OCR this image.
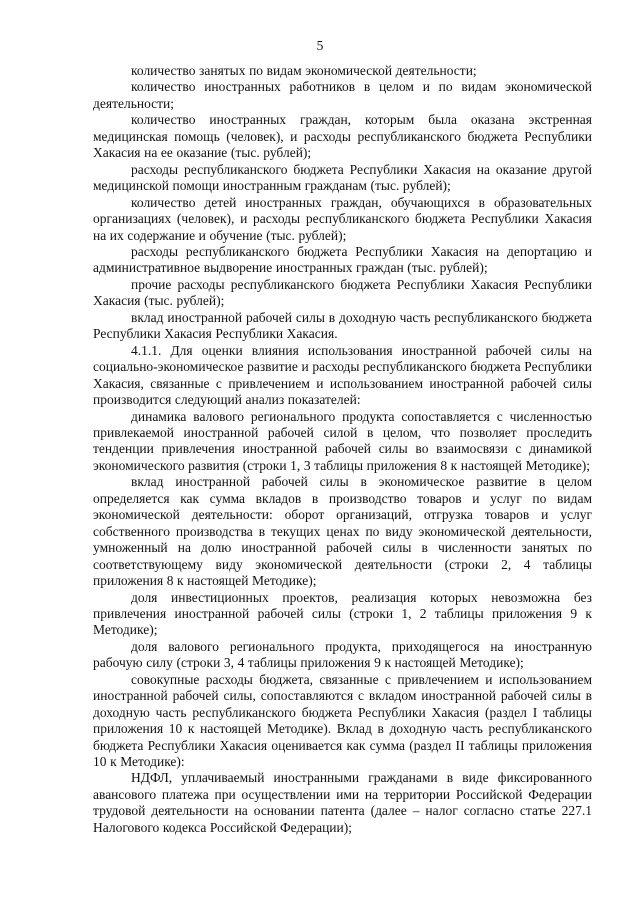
5

количество занятых по видам экономической деятельности;

количество иностранных работников в целом и по видам экономической деятельности;

количество иностранных граждан, которым была оказана экстренная медицинская помощь (человек), и расходы республиканского бюджета Республики Хакасия на ее оказание (тыс. рублей);

расходы республиканского бюджета Республики Хакасия на оказание другой медицинской помощи иностранным гражданам (тыс. рублей);

количество детей иностранных граждан, обучающихся в образовательных организациях (человек), и расходы республиканского бюджета Республики Хакасия на их содержание и обучение (тыс. рублей);

расходы республиканского бюджета Республики Хакасия на депортацию и административное выдворение иностранных граждан (тыс. рублей);

прочие расходы республиканского бюджета Республики Хакасия Республики Хакасия (тыс. рублей);

вклад иностранной рабочей силы в доходную часть республиканского бюджета Республики Хакасия Республики Хакасия.

4.1.1. Для оценки влияния использования иностранной рабочей силы на социально-экономическое развитие и расходы республиканского бюджета Республики Хакасия, связанные с привлечением и использованием иностранной рабочей силы производится следующий анализ показателей:

динамика валового регионального продукта сопоставляется с численностью привлекаемой иностранной рабочей силой в целом, что позволяет проследить тенденции привлечения иностранной рабочей силы во взаимосвязи с динамикой экономического развития (строки 1, 3 таблицы приложения 8 к настоящей Методике);

вклад иностранной рабочей силы в экономическое развитие в целом определяется как сумма вкладов в производство товаров и услуг по видам экономической деятельности: оборот организаций, отгрузка товаров и услуг собственного производства в текущих ценах по виду экономической деятельности, умноженный на долю иностранной рабочей силы в численности занятых по соответствующему виду экономической деятельности (строки 2, 4 таблицы приложения 8 к настоящей Методике);

доля инвестиционных проектов, реализация которых невозможна без привлечения иностранной рабочей силы (строки 1, 2 таблицы приложения 9 к Методике);

доля валового регионального продукта, приходящегося на иностранную рабочую силу (строки 3, 4 таблицы приложения 9 к настоящей Методике);

совокупные расходы бюджета, связанные с привлечением и использованием иностранной рабочей силы, сопоставляются с вкладом иностранной рабочей силы в доходную часть республиканского бюджета Республики Хакасия (раздел I таблицы приложения 10 к настоящей Методике). Вклад в доходную часть республиканского бюджета Республики Хакасия оценивается как сумма (раздел II таблицы приложения 10 к Методике):

НДФЛ, уплачиваемый иностранными гражданами в виде фиксированного авансового платежа при осуществлении ими на территории Российской Федерации трудовой деятельности на основании патента (далее – налог согласно статье 227.1 Налогового кодекса Российской Федерации);
